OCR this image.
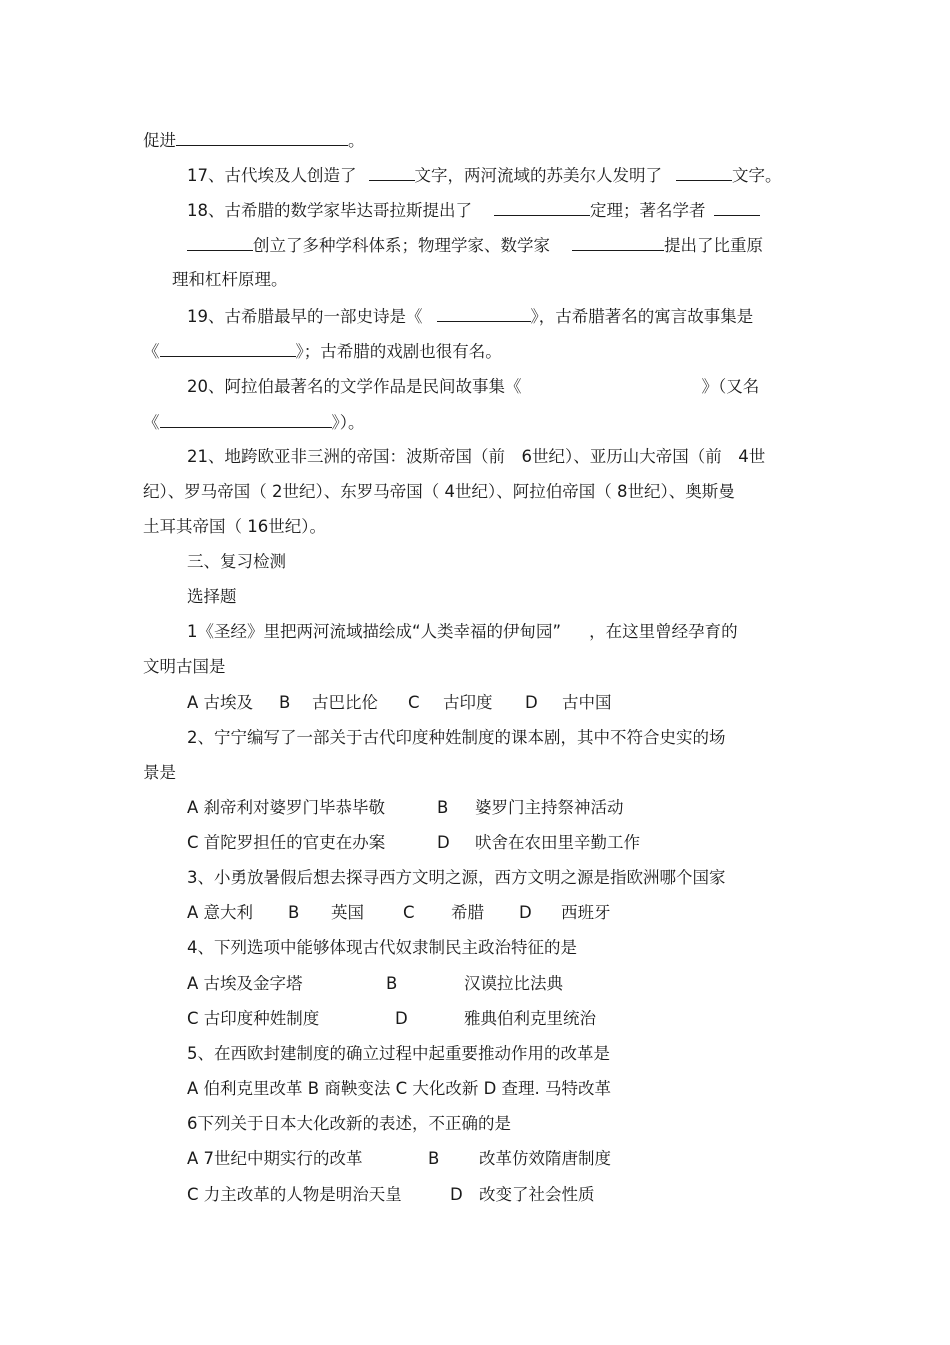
促进	。
17、古代埃及人创造了	文字，两河流域的苏美尔人发明了	文字。
18、古希腊的数学家毕达哥拉斯提出了	定理；著名学者
创立了多种学科体系；物理学家、数学家	提出了比重原
理和杠杆原理。
19、古希腊最早的一部史诗是《	》，古希腊著名的寓言故事集是
《	》；古希腊的戏剧也很有名。
20、阿拉伯最著名的文学作品是民间故事集《	》（又名
《	》）。
21、地跨欧亚非三洲的帝国：波斯帝国（前　6世纪）、亚历山大帝国（前　4世
纪）、罗马帝国（ 2世纪）、东罗马帝国（ 4世纪）、阿拉伯帝国（ 8世纪）、奥斯曼
土耳其帝国（ 16世纪）。
三、复习检测
选择题
1《圣经》里把两河流域描绘成“人类幸福的伊甸园” ，在这里曾经孕育的
文明古国是
A 古埃及 B 古巴比伦 C 古印度 D 古中国
2、宁宁编写了一部关于古代印度种姓制度的课本剧，其中不符合史实的场
景是
A 刹帝利对婆罗门毕恭毕敬	B 婆罗门主持祭神活动
C 首陀罗担任的官吏在办案	D 吠舍在农田里辛勤工作
3、小勇放暑假后想去探寻西方文明之源，西方文明之源是指欧洲哪个国家
A 意大利 B 英国 C 希腊 D 西班牙
4、下列选项中能够体现古代奴隶制民主政治特征的是
A 古埃及金字塔	B	汉谟拉比法典
C 古印度种姓制度	D	雅典伯利克里统治
5、在西欧封建制度的确立过程中起重要推动作用的改革是
A 伯利克里改革 B 商鞅变法 C 大化改新 D 查理. 马特改革
6下列关于日本大化改新的表述，不正确的是
A 7世纪中期实行的改革	B 改革仿效隋唐制度
C 力主改革的人物是明治天皇	D 改变了社会性质
